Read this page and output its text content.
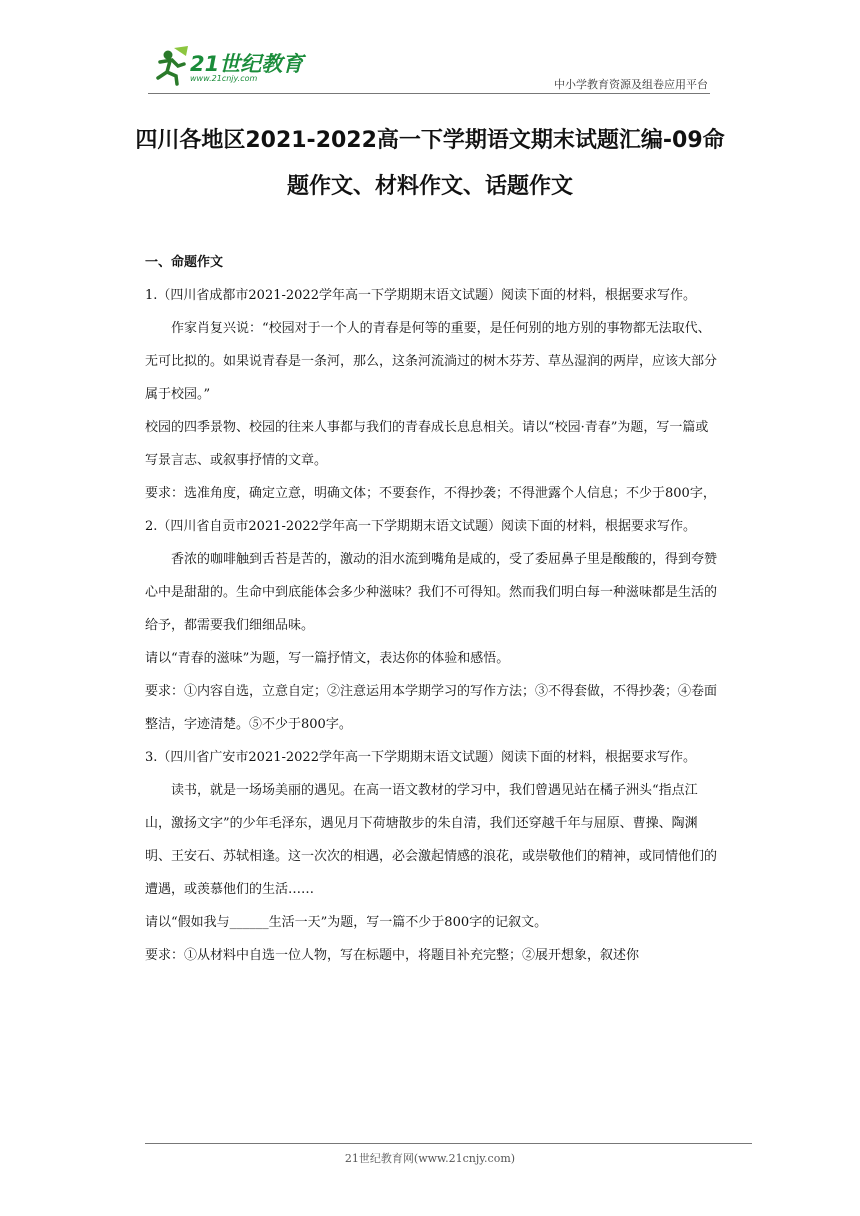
21世纪教育
www.21cnjy.com	中小学教育资源及组卷应用平台
四川各地区2021-2022高一下学期语文期末试题汇编-09命
题作文、材料作文、话题作文

一、命题作文

1.（四川省成都市2021-2022学年高一下学期期末语文试题）阅读下面的材料，根据要求写作。

作家肖复兴说：“校园对于一个人的青春是何等的重要，是任何别的地方别的事物都无法取代、无可比拟的。如果说青春是一条河，那么，这条河流淌过的树木芬芳、草丛湿润的两岸，应该大部分属于校园。”

校园的四季景物、校园的往来人事都与我们的青春成长息息相关。请以“校园·青春”为题，写一篇或写景言志、或叙事抒情的文章。

要求：选准角度，确定立意，明确文体；不要套作，不得抄袭；不得泄露个人信息；不少于800字，

2.（四川省自贡市2021-2022学年高一下学期期末语文试题）阅读下面的材料，根据要求写作。

香浓的咖啡触到舌苔是苦的，激动的泪水流到嘴角是咸的，受了委屈鼻子里是酸酸的，得到夸赞心中是甜甜的。生命中到底能体会多少种滋味？我们不可得知。然而我们明白每一种滋味都是生活的给予，都需要我们细细品味。

请以“青春的滋味”为题，写一篇抒情文，表达你的体验和感悟。

要求：①内容自选，立意自定；②注意运用本学期学习的写作方法；③不得套做，不得抄袭；④卷面整洁，字迹清楚。⑤不少于800字。

3.（四川省广安市2021-2022学年高一下学期期末语文试题）阅读下面的材料，根据要求写作。

读书，就是一场场美丽的遇见。在高一语文教材的学习中，我们曾遇见站在橘子洲头“指点江山，激扬文字”的少年毛泽东，遇见月下荷塘散步的朱自清，我们还穿越千年与屈原、曹操、陶渊明、王安石、苏轼相逢。这一次次的相遇，必会激起情感的浪花，或崇敬他们的精神，或同情他们的遭遇，或羡慕他们的生活……

请以“假如我与______生活一天”为题，写一篇不少于800字的记叙文。

要求：①从材料中自选一位人物，写在标题中，将题目补充完整；②展开想象，叙述你

21世纪教育网(www.21cnjy.com)
